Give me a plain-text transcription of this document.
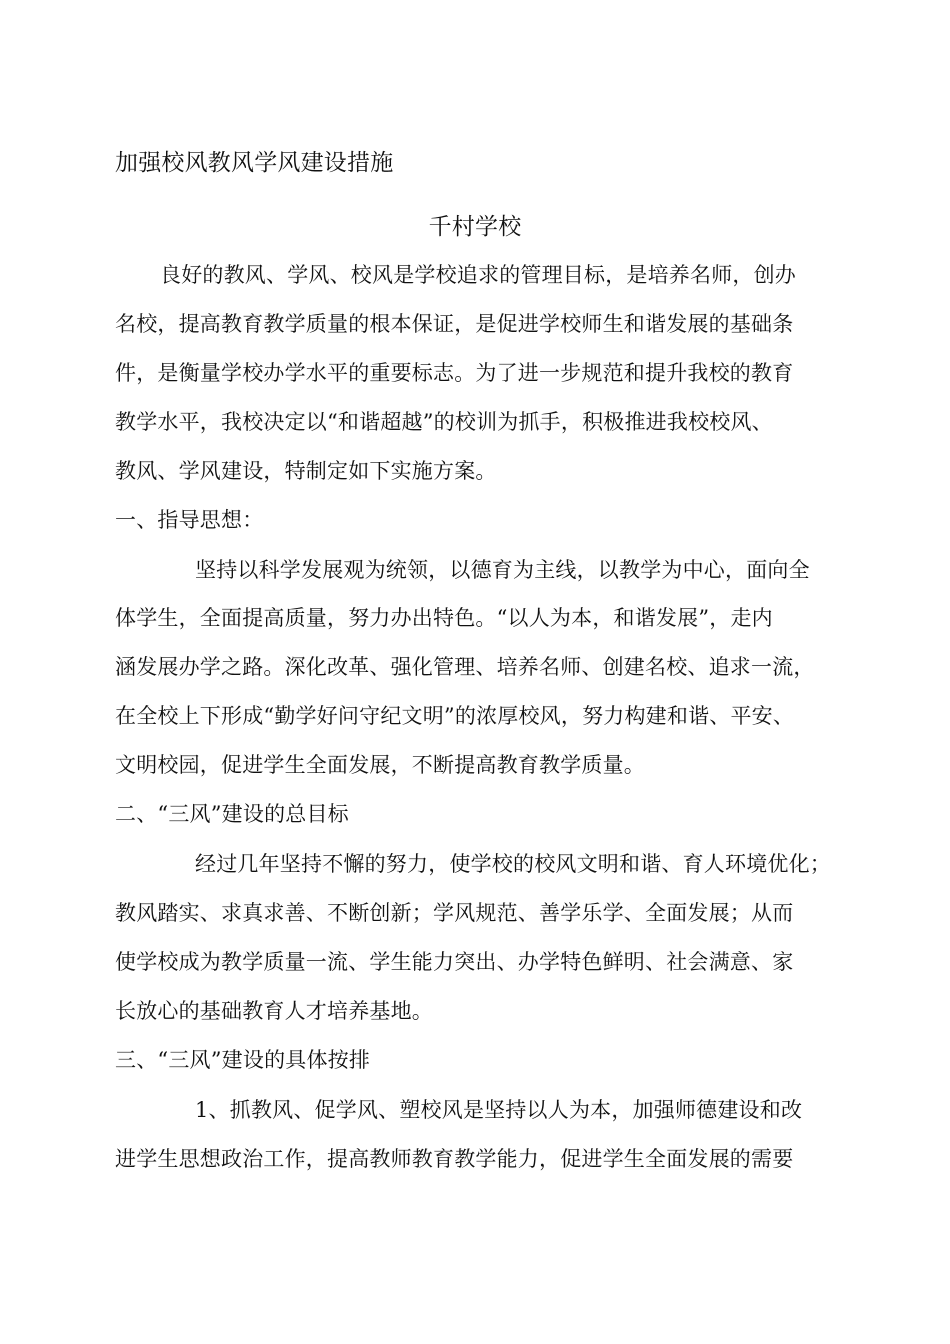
加强校风教风学风建设措施
千村学校
良好的教风、学风、校风是学校追求的管理目标，是培养名师，创办
名校，提高教育教学质量的根本保证，是促进学校师生和谐发展的基础条
件，是衡量学校办学水平的重要标志。为了进一步规范和提升我校的教育
教学水平，我校决定以“和谐超越”的校训为抓手，积极推进我校校风、
教风、学风建设，特制定如下实施方案。
一、指导思想：
坚持以科学发展观为统领，以德育为主线，以教学为中心，面向全
体学生，全面提高质量，努力办出特色。“以人为本，和谐发展”，走内
涵发展办学之路。深化改革、强化管理、培养名师、创建名校、追求一流，
在全校上下形成“勤学好问守纪文明”的浓厚校风，努力构建和谐、平安、
文明校园，促进学生全面发展，不断提高教育教学质量。
二、“三风”建设的总目标
经过几年坚持不懈的努力，使学校的校风文明和谐、育人环境优化；
教风踏实、求真求善、不断创新；学风规范、善学乐学、全面发展；从而
使学校成为教学质量一流、学生能力突出、办学特色鲜明、社会满意、家
长放心的基础教育人才培养基地。
三、“三风”建设的具体按排
1、抓教风、促学风、塑校风是坚持以人为本，加强师德建设和改
进学生思想政治工作，提高教师教育教学能力，促进学生全面发展的需要
